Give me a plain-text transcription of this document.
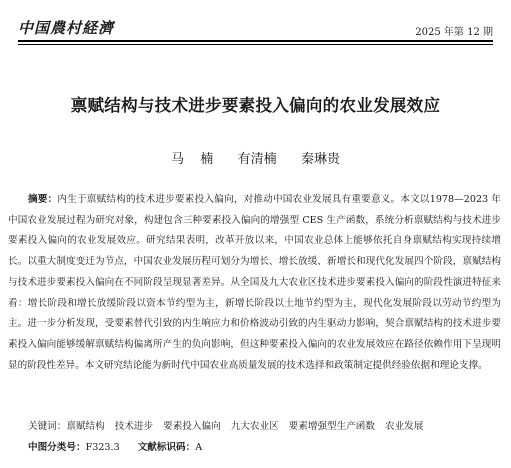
中国農村経濟	2025 年第 12 期
禀赋结构与技术进步要素投入偏向的农业发展效应
马  楠   有清楠   秦琳贵
摘要：内生于禀赋结构的技术进步要素投入偏向，对推动中国农业发展具有重要意义。本文以1978—2023 年中国农业发展过程为研究对象，构建包含三种要素投入偏向的增强型 CES 生产函数，系统分析禀赋结构与技术进步要素投入偏向的农业发展效应。研究结果表明，改革开放以来，中国农业总体上能够依托自身禀赋结构实现持续增长。以重大制度变迁为节点，中国农业发展历程可划分为增长、增长放缓、新增长和现代化发展四个阶段，禀赋结构与技术进步要素投入偏向在不同阶段呈现显著差异。从全国及九大农业区技术进步要素投入偏向的阶段性演进特征来看：增长阶段和增长放缓阶段以资本节约型为主，新增长阶段以土地节约型为主，现代化发展阶段以劳动节约型为主。进一步分析发现，受要素替代引致的内生响应力和价格波动引致的内生驱动力影响，契合禀赋结构的技术进步要素投入偏向能够缓解禀赋结构偏离所产生的负向影响，但这种要素投入偏向的农业发展效应在路径依赖作用下呈现明显的阶段性差异。本文研究结论能为新时代中国农业高质量发展的技术选择和政策制定提供经验依据和理论支撑。
关键词：禀赋结构 技术进步 要素投入偏向 九大农业区 要素增强型生产函数 农业发展
中图分类号：F323.3 文献标识码：A
